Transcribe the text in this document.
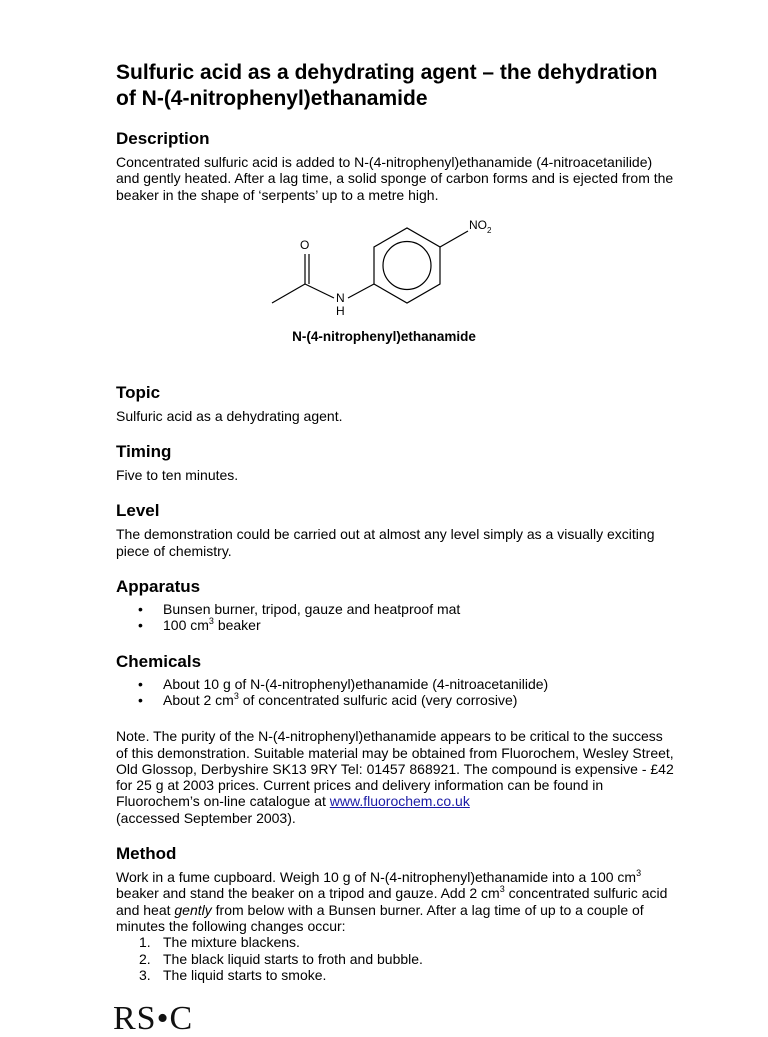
Sulfuric acid as a dehydrating agent – the dehydration of N-(4-nitrophenyl)ethanamide
Description

Concentrated sulfuric acid is added to N-(4-nitrophenyl)ethanamide (4-nitroacetanilide) and gently heated. After a lag time, a solid sponge of carbon forms and is ejected from the beaker in the shape of ‘serpents’ up to a metre high.

O
N
H
NO 2
N-(4-nitrophenyl)ethanamide
Topic

Sulfuric acid as a dehydrating agent.

Timing

Five to ten minutes.

Level

The demonstration could be carried out at almost any level simply as a visually exciting piece of chemistry.

Apparatus
• Bunsen burner, tripod, gauze and heatproof mat
• 100 $cm^3$ beaker
Chemicals
• About 10 g of N-(4-nitrophenyl)ethanamide (4-nitroacetanilide)
• About 2 $cm^3$ of concentrated sulfuric acid (very corrosive)

Note. The purity of the N-(4-nitrophenyl)ethanamide appears to be critical to the success of this demonstration. Suitable material may be obtained from Fluorochem, Wesley Street, Old Glossop, Derbyshire SK13 9RY Tel: 01457 868921. The compound is expensive - £42 for 25 g at 2003 prices. Current prices and delivery information can be found in Fluorochem’s on-line catalogue at www.fluorochem.co.uk
(accessed September 2003).

Method

Work in a fume cupboard. Weigh 10 g of N-(4-nitrophenyl)ethanamide into a 100 $cm^3$ beaker and stand the beaker on a tripod and gauze. Add 2 $cm^3$ concentrated sulfuric acid and heat gently from below with a Bunsen burner. After a lag time of up to a couple of minutes the following changes occur:

1. The mixture blackens.
2. The black liquid starts to froth and bubble.
3. The liquid starts to smoke.
RS•C
